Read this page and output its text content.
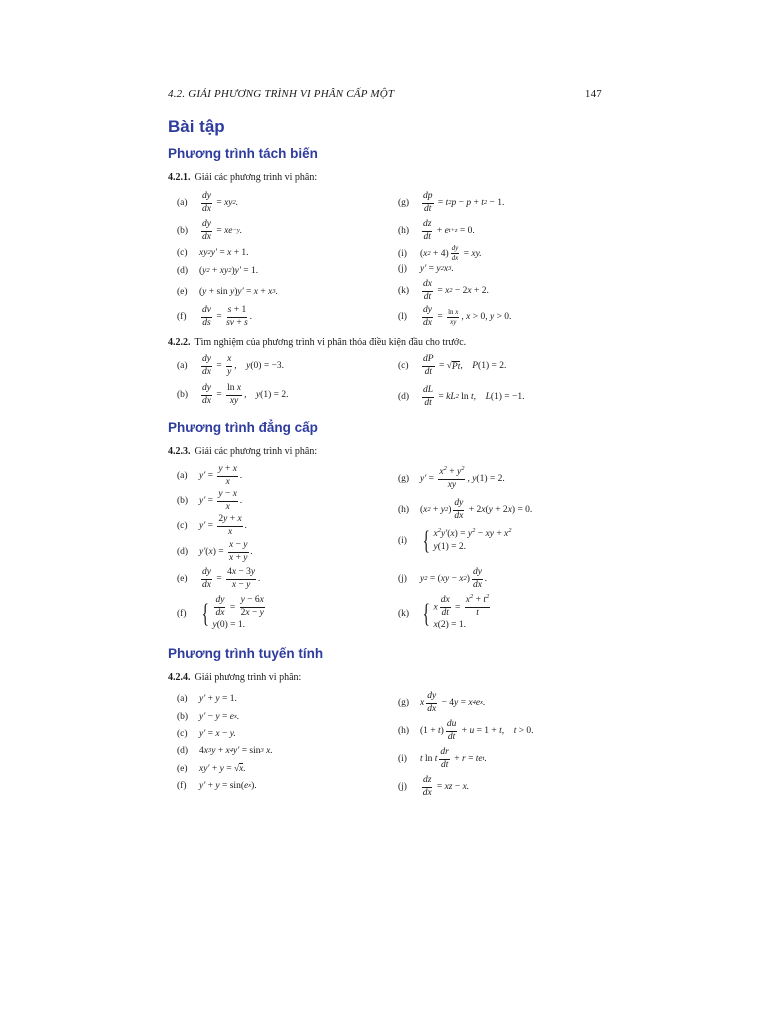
4.2. GIẢI PHƯƠNG TRÌNH VI PHÂN CẤP MỘT	147
Bài tập
Phương trình tách biến
4.2.1. Giải các phương trình vi phân:
(a)	$\frac{dy}{dx}$ = xy 2 .
(b)	$\frac{dy}{dx}$ = xe −y .
(c)	xy 2 y′ = x + 1.
(d)	( y 2 + xy 2 ) y′ = 1.
(e)	( y + sin y ) y′ = x + x 3 .
(f)	$\frac{dv}{ds} = \frac{s + 1}{sv + s}$ .
(g)	$\frac{dp}{dt} = t$ 2 p − p + t 2 − 1.
(h)	$\frac{dz}{dt} + e$ t+z = 0.
(i)	( x $2 + 4) \frac{dy}{dx}$ = xy.
(j)	y′ = y 2 x 3 .
(k)	$\frac{dx}{dt} = x$ 2 − 2 x + 2.
(l)	$\frac{dy}{dx} = \frac{\text{ln x}}{xy}$ , x > 0, y > 0.
4.2.2. Tìm nghiệm của phương trình vi phân thỏa điều kiện đầu cho trước.
(a)	$\frac{dy}{dx} = \frac{x}{y}$ ,
y (0) = −3.
(b)	$\frac{dy}{dx} = \frac{\text{ln x}}{xy}$ ,
y (1) = 2.
(c)	$\frac{dP}{dt}$ = √ Pt ,
P (1) = 2.
(d)	$\frac{dL}{dt}$ = kL 2 ln t,
L (1) = −1.
Phương trình đẳng cấp
4.2.3. Giải các phương trình vi phân:
(a)	$y' = \frac{y + x}{x}$ .
(b)	$y' = \frac{y - x}{x}$ .
(c)	$y' = \frac{2y + x}{x}$ .
(d)	y′ ( x ) = $\frac{x - y}{x + y}$ .
(e)	$\frac{dy}{dx} = \frac{4x - 3y}{x - y}$ .
(f) { $\frac{dy}{dx} = \frac{y - 6x}{2x - y}$
y(0) = 1.
(g)	$y' = \frac{x^2 + y^2}{xy}$ , y (1) = 2.
(h)	( x 2 + y 2 ) $\frac{dy}{dx} + 2$ x ( y + 2 x ) = 0.
(i) { $x^2y'(x) = y^2$ − xy + $x^2$
y(1) = 2.
(j)	y 2 = ( xy − x 2 ) $\frac{dy}{dx}$ .
(k) { x $\frac{dx}{dt} = \frac{x^2 + t^2}{t}$
x(2) = 1.
Phương trình tuyến tính
4.2.4. Giải phương trình vi phân:
(a)	y′ + y = 1.
(b)	y′ − y = e x .
(c)	y′ = x − y.
(d)	4 x 3 y + x 4 y′ = sin 3
x.
(e)	xy′ + y = √ x .
(f)	y′ + y = sin( e x ).
(g)	x $\frac{dy}{dx} - 4$ y = x 4 e x .
(h)	(1 + t ) $\frac{du}{dt} + u = 1 + t$,
t > 0.
(i)	t ln t $\frac{dr}{dt} + r$ = te t .
(j)	$\frac{dz}{dx}$ = xz − x.
